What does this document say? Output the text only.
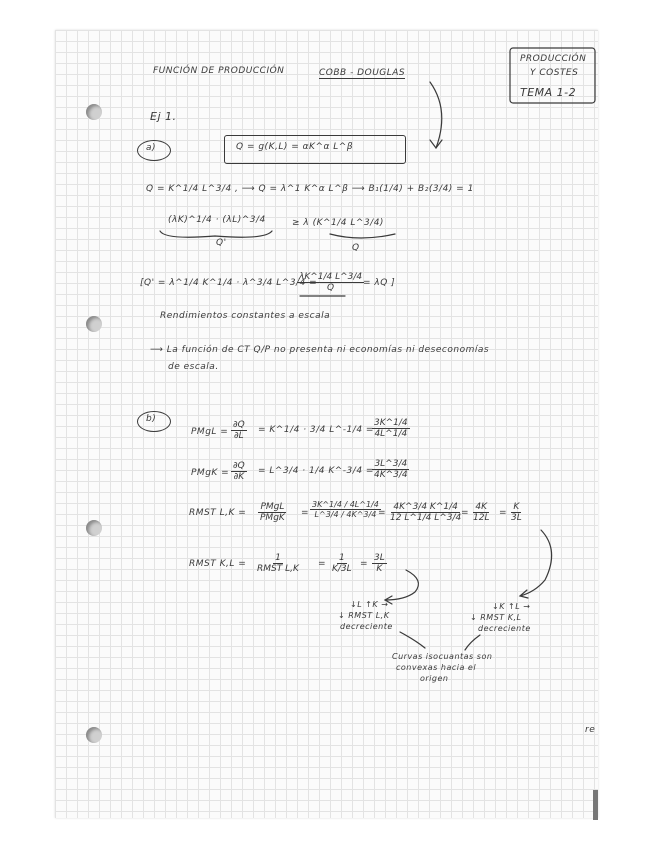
FUNCIÓN DE PRODUCCIÓN	COBB - DOUGLAS
PRODUCCIÓN
Y COSTES
TEMA 1-2
Ej 1.
a)	Q = g(K,L) = αK^α L^β
Q = K^1/4 L^3/4 , ⟶ Q = λ^1 K^α L^β ⟶ B₁(1/4) + B₂(3/4) = 1
(λK)^1/4 · (λL)^3/4	≥ λ (K^1/4 L^3/4)
Q'	Q
[Q' = λ^1/4 K^1/4 · λ^3/4 L^3/4 =
$\frac{\lambda K\^{}1/4 L\^{}3/4}{Q}$
= λQ ]
Rendimientos constantes a escala
⟶ La función de CT Q/P no presenta ni economías ni deseconomías
de escala.
b)
PMgL = $\frac{\partial Q}{\partial L}$ = K^1/4 · 3/4 L^-1/4 =
$\frac{3K\^{}1/4}{4L\^{}1/4}$
PMgK = $\frac{\partial Q}{\partial K}$ = L^3/4 · 1/4 K^-3/4 =
$\frac{3L\^{}3/4}{4K\^{}3/4}$
RMST L,K =
PMgL
PMgK = $\frac{3K\^{}1/4 / 4L\^{}1/4}{L\^{}3/4 / 4K\^{}3/4}$
= $\frac{4K\^{}3/4 K\^{}1/4}{12 L\^{}1/4 L\^{}3/4}$
= $\frac{4K}{12L} = \frac{K}{3L}$
RMST K,L =
1
RMST $L,K = \frac{1}{K/3L} = \frac{3L}{K}$
↓L ↑K →
↓ RMST L,K
decreciente
↓K ↑L →
↓ RMST K,L
decreciente
Curvas isocuantas son
convexas hacia el
origen
re
